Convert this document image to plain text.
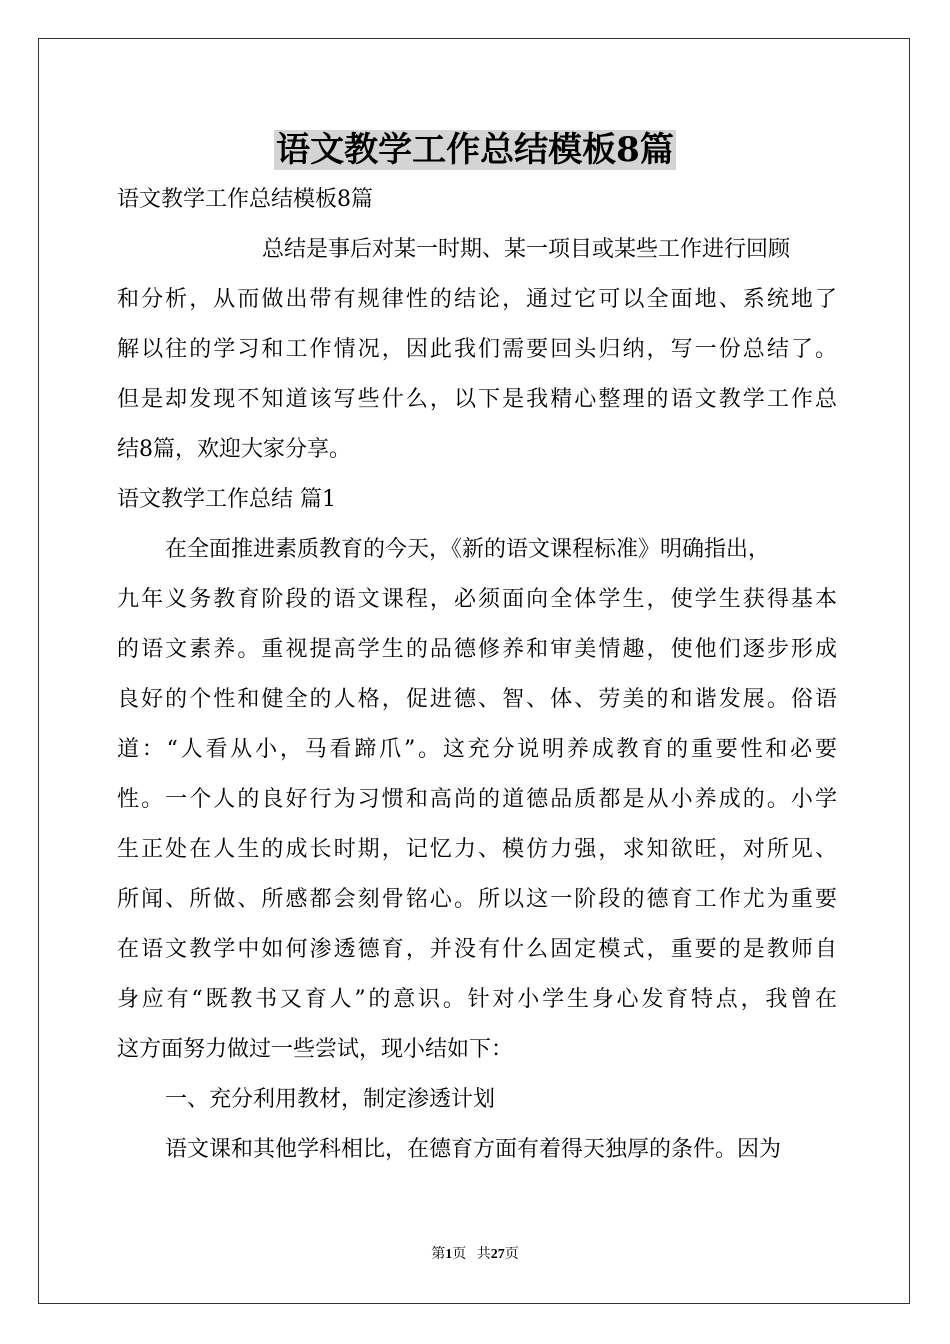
语文教学工作总结模板8篇
语文教学工作总结模板8篇
总结是事后对某一时期、某一项目或某些工作进行回顾
和分析，从而做出带有规律性的结论，通过它可以全面地、系统地了
解以往的学习和工作情况，因此我们需要回头归纳，写一份总结了。
但是却发现不知道该写些什么，以下是我精心整理的语文教学工作总
结8篇，欢迎大家分享。
语文教学工作总结 篇1
在全面推进素质教育的今天，《新的语文课程标准》明确指出，
九年义务教育阶段的语文课程，必须面向全体学生，使学生获得基本
的语文素养。重视提高学生的品德修养和审美情趣，使他们逐步形成
良好的个性和健全的人格，促进德、智、体、劳美的和谐发展。俗语
道：“人看从小，马看蹄爪”。这充分说明养成教育的重要性和必要
性。一个人的良好行为习惯和高尚的道德品质都是从小养成的。小学
生正处在人生的成长时期，记忆力、模仿力强，求知欲旺，对所见、
所闻、所做、所感都会刻骨铭心。所以这一阶段的德育工作尤为重要
在语文教学中如何渗透德育，并没有什么固定模式，重要的是教师自
身应有“既教书又育人”的意识。针对小学生身心发育特点，我曾在
这方面努力做过一些尝试，现小结如下：
一、充分利用教材，制定渗透计划
语文课和其他学科相比，在德育方面有着得天独厚的条件。因为
第1页 共27页
